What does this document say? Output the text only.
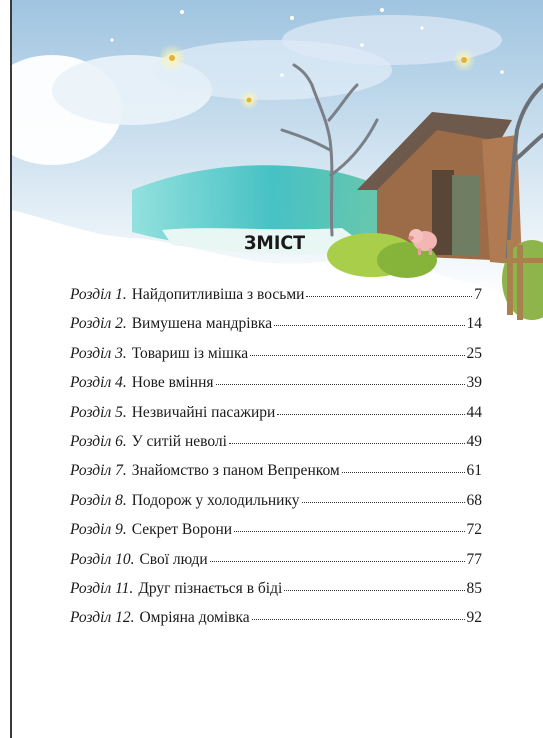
ЗМІСТ
Розділ 1. Найдопитливіша з восьми	7
Розділ 2. Вимушена мандрівка	14
Розділ 3. Товариш із мішка	25
Розділ 4. Нове вміння	39
Розділ 5. Незвичайні пасажири	44
Розділ 6. У ситій неволі	49
Розділ 7. Знайомство з паном Вепренком	61
Розділ 8. Подорож у холодильнику	68
Розділ 9. Секрет Ворони	72
Розділ 10. Свої люди	77
Розділ 11. Друг пізнається в біді	85
Розділ 12. Омріяна домівка	92
